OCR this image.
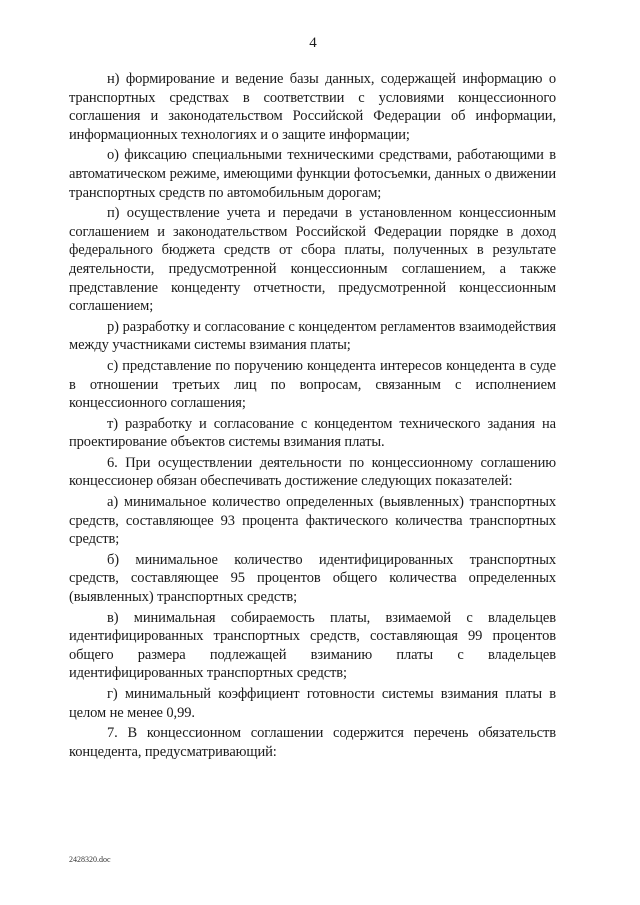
4

н) формирование и ведение базы данных, содержащей информацию о транспортных средствах в соответствии с условиями концессионного соглашения и законодательством Российской Федерации об информации, информационных технологиях и о защите информации;

о) фиксацию специальными техническими средствами, работающими в автоматическом режиме, имеющими функции фотосъемки, данных о движении транспортных средств по автомобильным дорогам;

п) осуществление учета и передачи в установленном концессионным соглашением и законодательством Российской Федерации порядке в доход федерального бюджета средств от сбора платы, полученных в результате деятельности, предусмотренной концессионным соглашением, а также представление концеденту отчетности, предусмотренной концессионным соглашением;

р) разработку и согласование с концедентом регламентов взаимодействия между участниками системы взимания платы;

с) представление по поручению концедента интересов концедента в суде в отношении третьих лиц по вопросам, связанным с исполнением концессионного соглашения;

т) разработку и согласование с концедентом технического задания на проектирование объектов системы взимания платы.

6. При осуществлении деятельности по концессионному соглашению концессионер обязан обеспечивать достижение следующих показателей:

а) минимальное количество определенных (выявленных) транспортных средств, составляющее 93 процента фактического количества транспортных средств;

б) минимальное количество идентифицированных транспортных средств, составляющее 95 процентов общего количества определенных (выявленных) транспортных средств;

в) минимальная собираемость платы, взимаемой с владельцев идентифицированных транспортных средств, составляющая 99 процентов общего размера подлежащей взиманию платы с владельцев идентифицированных транспортных средств;

г) минимальный коэффициент готовности системы взимания платы в целом не менее 0,99.

7. В концессионном соглашении содержится перечень обязательств концедента, предусматривающий:

2428320.doc
